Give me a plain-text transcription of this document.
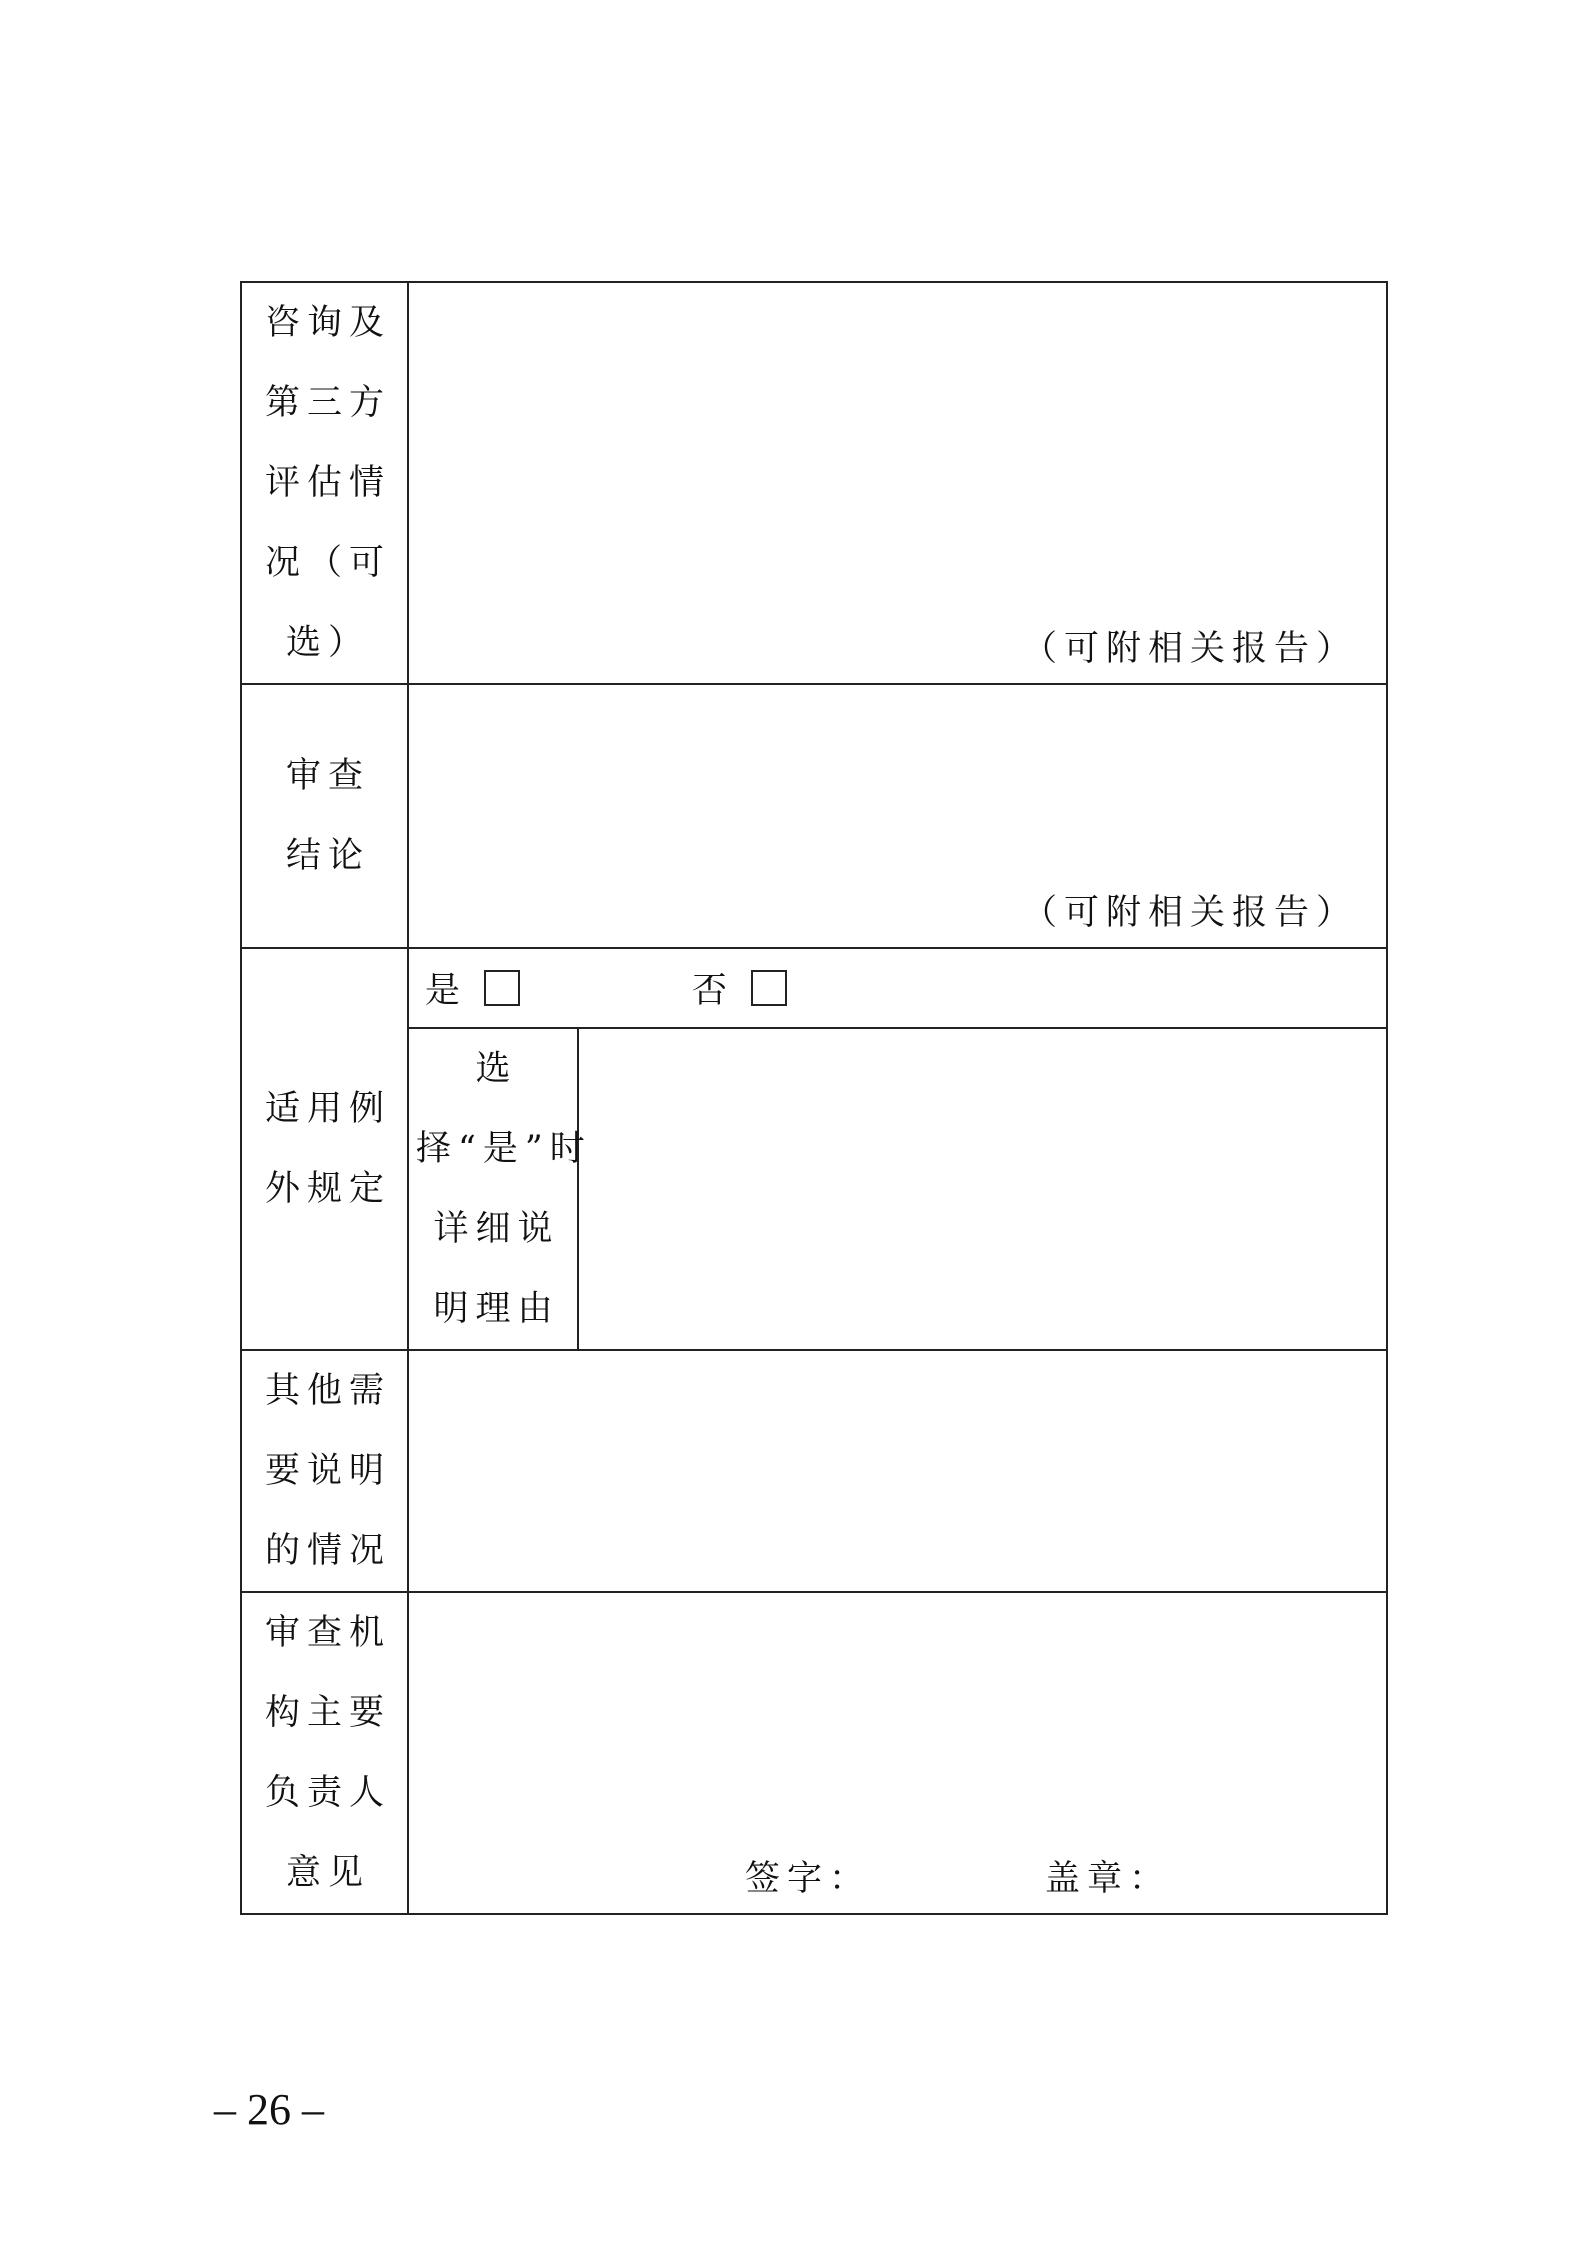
咨询及第三方评估情况（可选）	（可附相关报告）	

审查结论	（可附相关报告）	

适用例外规定	是 否	

	选择“是”时详细说明理由	
其他需要说明的情况		
审查机构主要负责人意见	签字： 盖章：	
– 26 –
